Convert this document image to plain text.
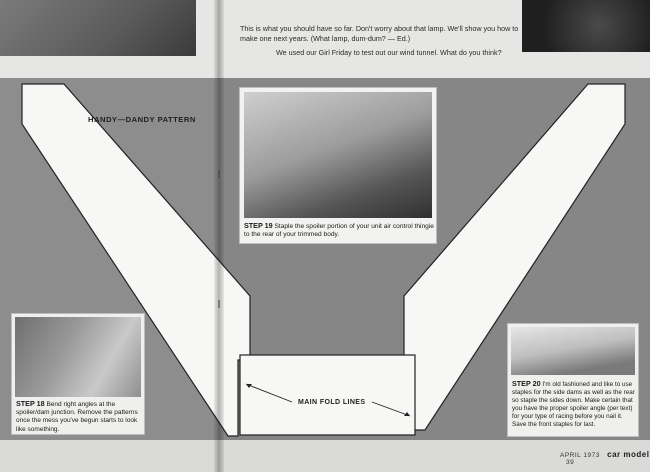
This is what you should have so far. Don't worry about that lamp. We'll show you how to make one next years. (What lamp, dum-dum? — Ed.)
We used our Girl Friday to test out our wind tunnel. What do you think?
HANDY—DANDY PATTERN
MAIN FOLD LINES
STEP 19 Staple the spoiler portion of your unit air control thingie to the rear of your trimmed body.
STEP 18 Bend right angles at the spoiler/dam junction. Remove the patterns once the mess you've begun starts to look like something.
STEP 20 I'm old fashioned and like to use staples for the side dams as well as the rear so staple the sides down. Make certain that you have the proper spoiler angle (per text) for your type of racing before you nail it. Save the front staples for last.
APRIL 1973 car model 39
